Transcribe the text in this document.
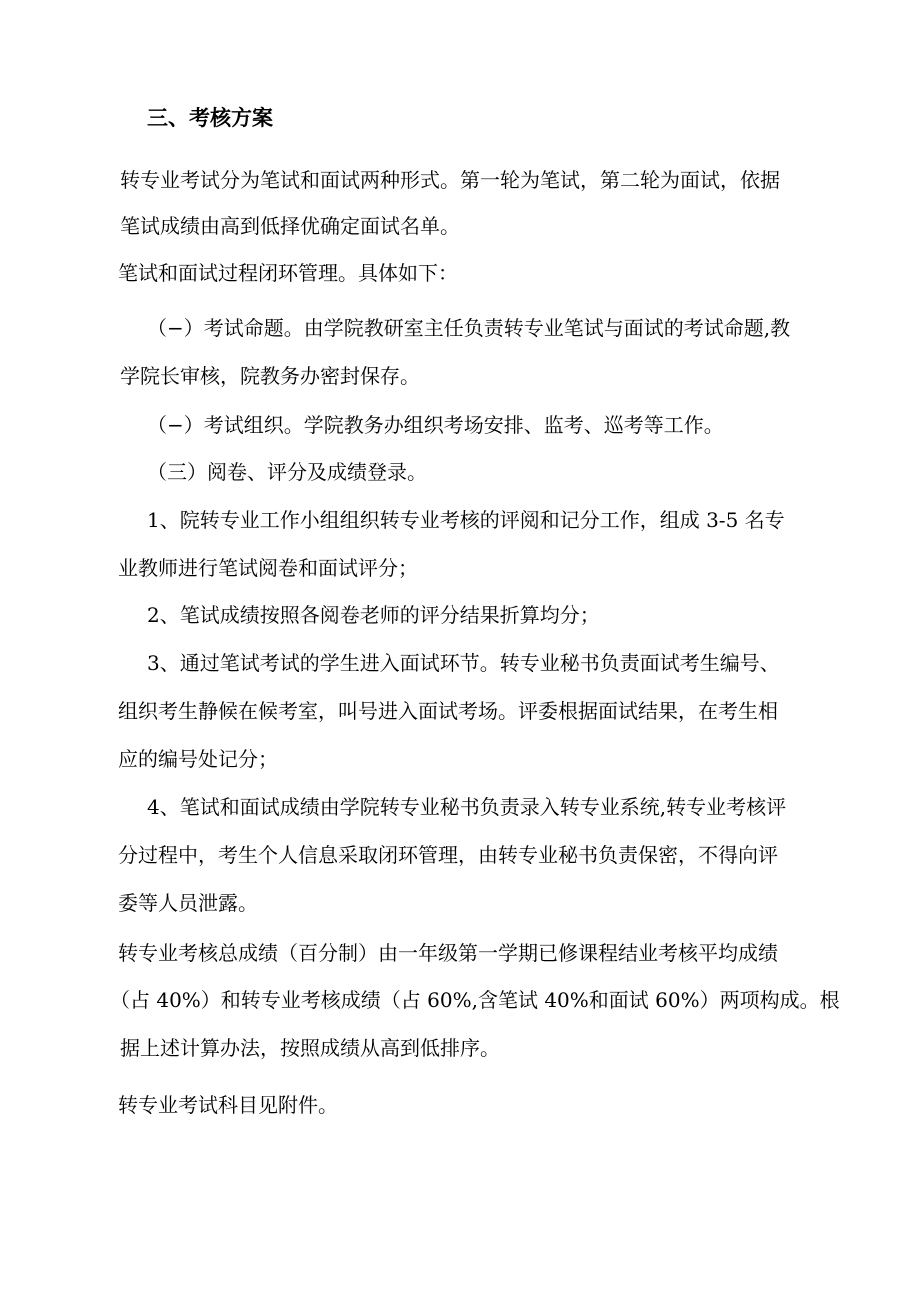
三、考核方案
转专业考试分为笔试和面试两种形式。第一轮为笔试，第二轮为面试，依据
笔试成绩由高到低择优确定面试名单。
笔试和面试过程闭环管理。具体如下：
（−）考试命题。由学院教研室主任负责转专业笔试与面试的考试命题,教
学院长审核，院教务办密封保存。
（−）考试组织。学院教务办组织考场安排、监考、巡考等工作。
（三）阅卷、评分及成绩登录。
1、院转专业工作小组组织转专业考核的评阅和记分工作，组成 3-5 名专
业教师进行笔试阅卷和面试评分；
2、笔试成绩按照各阅卷老师的评分结果折算均分；
3、通过笔试考试的学生进入面试环节。转专业秘书负责面试考生编号、
组织考生静候在候考室，叫号进入面试考场。评委根据面试结果，在考生相
应的编号处记分；
4、笔试和面试成绩由学院转专业秘书负责录入转专业系统,转专业考核评
分过程中，考生个人信息采取闭环管理，由转专业秘书负责保密，不得向评
委等人员泄露。
转专业考核总成绩（百分制）由一年级第一学期已修课程结业考核平均成绩
（占 40%）和转专业考核成绩（占 60%,含笔试 40%和面试 60%）两项构成。根
据上述计算办法，按照成绩从高到低排序。
转专业考试科目见附件。
